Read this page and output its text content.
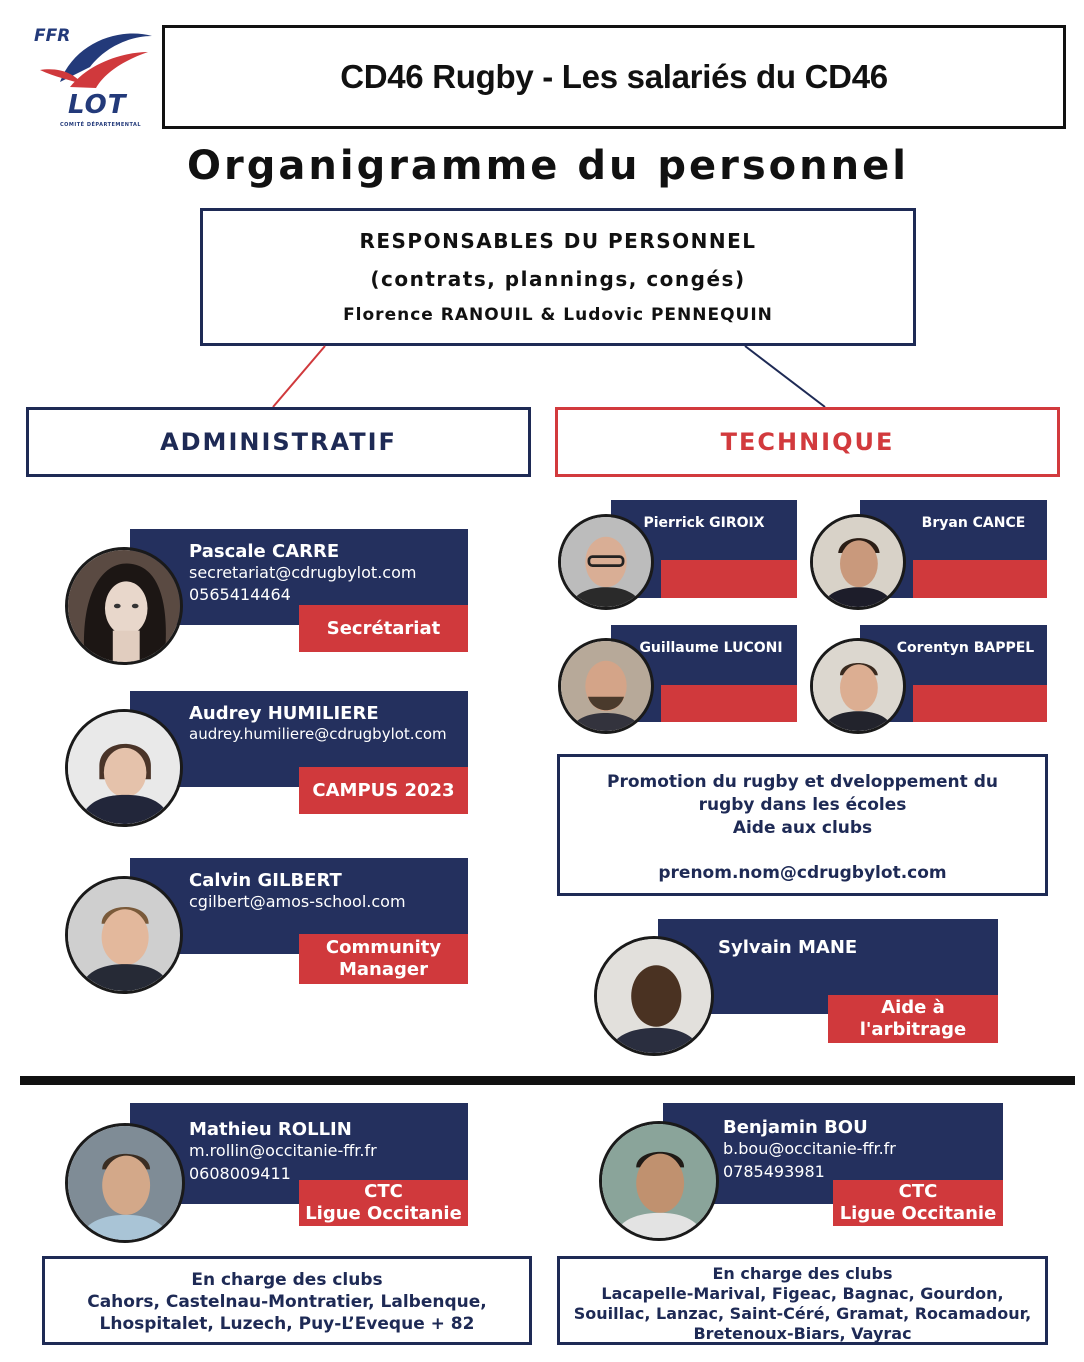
FFR
LOT
COMITÉ DÉPARTEMENTAL
CD46 Rugby - Les salariés du CD46
Organigramme du personnel
RESPONSABLES DU PERSONNEL
(contrats, plannings, congés)
Florence RANOUIL & Ludovic PENNEQUIN
ADMINISTRATIF	TECHNIQUE
Pascale CARRE
secretariat@cdrugbylot.com
0565414464
Secrétariat
Audrey HUMILIERE
audrey.humiliere@cdrugbylot.com
CAMPUS 2023
Calvin GILBERT
cgilbert@amos-school.com
Community
Manager
Pierrick GIROIX	Bryan CANCE
Guillaume LUCONI	Corentyn BAPPEL
Promotion du rugby et dveloppement du
rugby dans les écoles
Aide aux clubs
prenom.nom@cdrugbylot.com
Sylvain MANE
Aide à
l'arbitrage
Mathieu ROLLIN
m.rollin@occitanie-ffr.fr
0608009411
CTC
Ligue Occitanie
Benjamin BOU
b.bou@occitanie-ffr.fr
0785493981
CTC
Ligue Occitanie
En charge des clubs
Cahors, Castelnau-Montratier, Lalbenque,
Lhospitalet, Luzech, Puy-L’Eveque + 82
En charge des clubs
Lacapelle-Marival, Figeac, Bagnac, Gourdon,
Souillac, Lanzac, Saint-Céré, Gramat, Rocamadour,
Bretenoux-Biars, Vayrac
